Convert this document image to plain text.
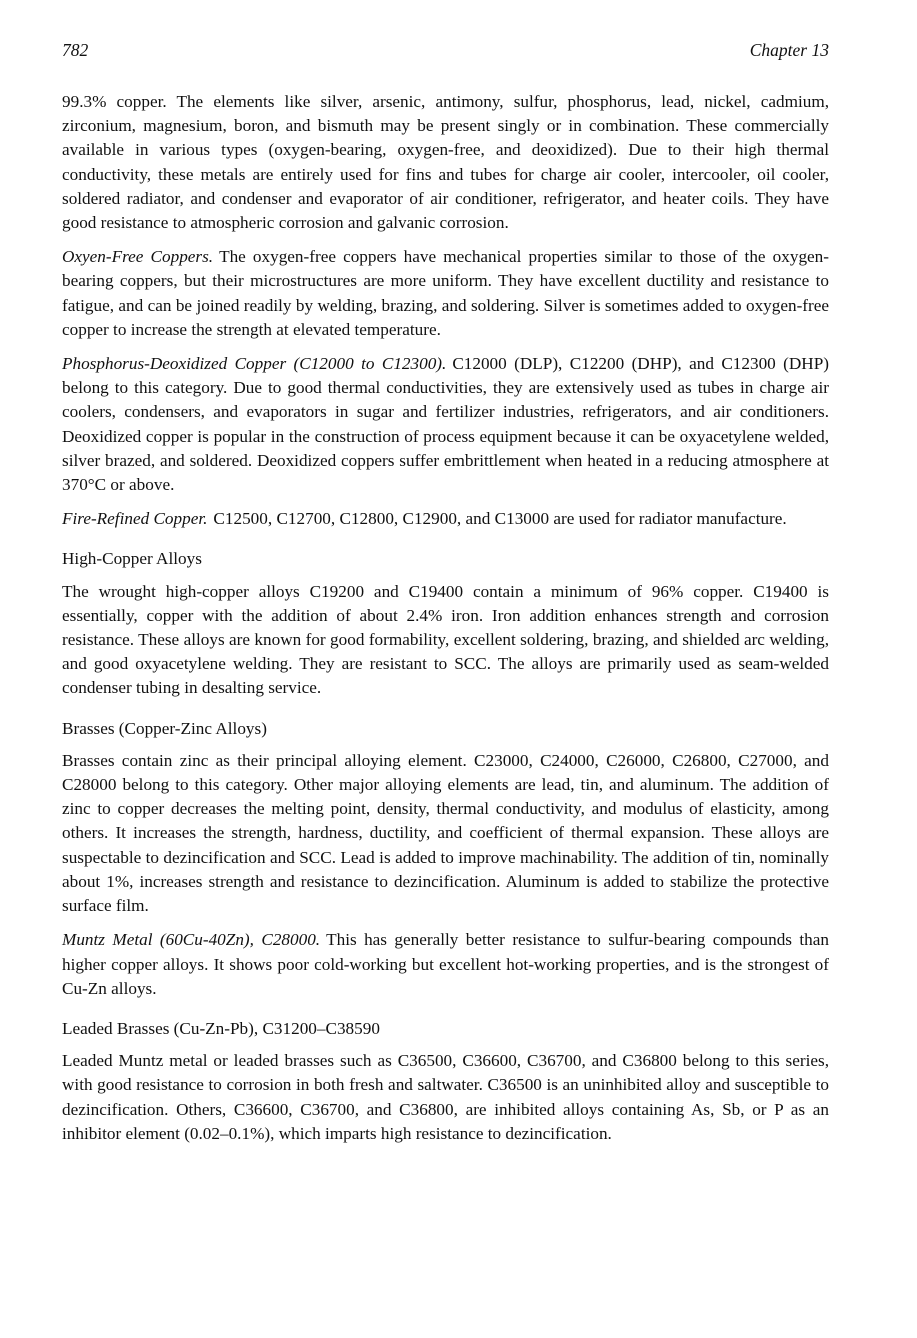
782	Chapter 13

99.3% copper. The elements like silver, arsenic, antimony, sulfur, phosphorus, lead, nickel, cadmium, zirconium, magnesium, boron, and bismuth may be present singly or in combination. These commercially available in various types (oxygen-bearing, oxygen-free, and deoxidized). Due to their high thermal conductivity, these metals are entirely used for fins and tubes for charge air cooler, intercooler, oil cooler, soldered radiator, and condenser and evaporator of air conditioner, refrigerator, and heater coils. They have good resistance to atmospheric corrosion and galvanic corrosion.

Oxyen-Free Coppers. The oxygen-free coppers have mechanical properties similar to those of the oxygen-bearing coppers, but their microstructures are more uniform. They have excellent ductility and resistance to fatigue, and can be joined readily by welding, brazing, and soldering. Silver is sometimes added to oxygen-free copper to increase the strength at elevated temperature.

Phosphorus-Deoxidized Copper (C12000 to C12300). C12000 (DLP), C12200 (DHP), and C12300 (DHP) belong to this category. Due to good thermal conductivities, they are extensively used as tubes in charge air coolers, condensers, and evaporators in sugar and fertilizer industries, refrigerators, and air conditioners. Deoxidized copper is popular in the construction of process equipment because it can be oxyacetylene welded, silver brazed, and soldered. Deoxidized coppers suffer embrittlement when heated in a reducing atmosphere at 370°C or above.

Fire-Refined Copper. C12500, C12700, C12800, C12900, and C13000 are used for radiator manufacture.

High-Copper Alloys

The wrought high-copper alloys C19200 and C19400 contain a minimum of 96% copper. C19400 is essentially, copper with the addition of about 2.4% iron. Iron addition enhances strength and corrosion resistance. These alloys are known for good formability, excellent soldering, brazing, and shielded arc welding, and good oxyacetylene welding. They are resistant to SCC. The alloys are primarily used as seam-welded condenser tubing in desalting service.

Brasses (Copper-Zinc Alloys)

Brasses contain zinc as their principal alloying element. C23000, C24000, C26000, C26800, C27000, and C28000 belong to this category. Other major alloying elements are lead, tin, and aluminum. The addition of zinc to copper decreases the melting point, density, thermal conductivity, and modulus of elasticity, among others. It increases the strength, hardness, ductility, and coefficient of thermal expansion. These alloys are suspectable to dezincification and SCC. Lead is added to improve machinability. The addition of tin, nominally about 1%, increases strength and resistance to dezincification. Aluminum is added to stabilize the protective surface film.

Muntz Metal (60Cu-40Zn), C28000. This has generally better resistance to sulfur-bearing compounds than higher copper alloys. It shows poor cold-working but excellent hot-working properties, and is the strongest of Cu-Zn alloys.

Leaded Brasses (Cu-Zn-Pb), C31200–C38590

Leaded Muntz metal or leaded brasses such as C36500, C36600, C36700, and C36800 belong to this series, with good resistance to corrosion in both fresh and saltwater. C36500 is an uninhibited alloy and susceptible to dezincification. Others, C36600, C36700, and C36800, are inhibited alloys containing As, Sb, or P as an inhibitor element (0.02–0.1%), which imparts high resistance to dezincification.
